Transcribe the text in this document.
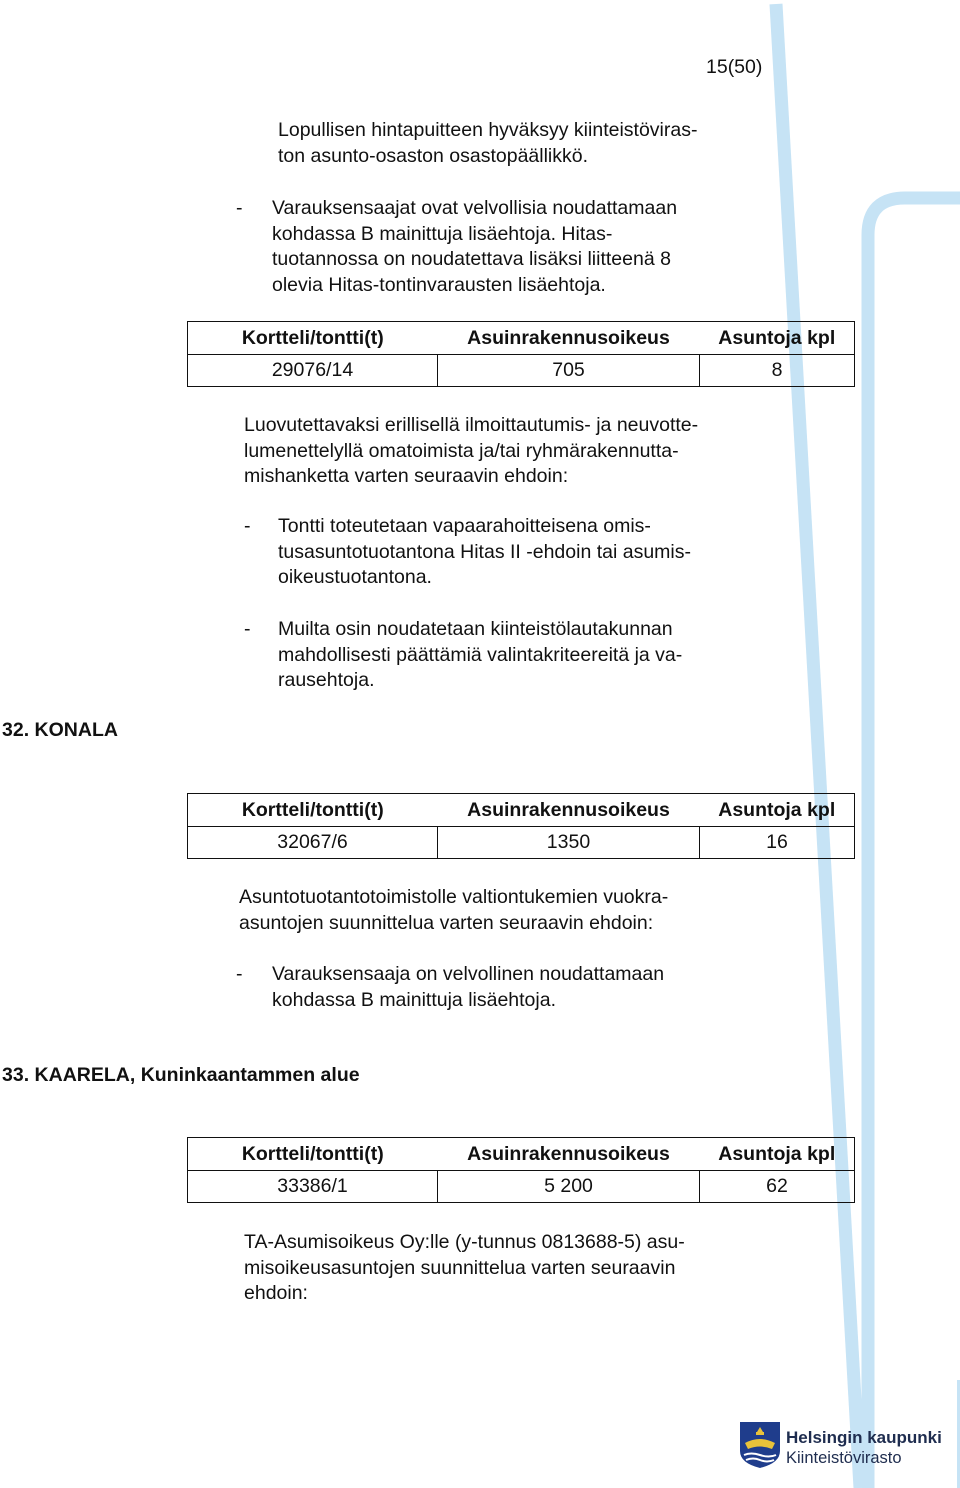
15(50)
Lopullisen hintapuitteen hyväksyy kiinteistöviras-
ton asunto-osaston osastopäällikkö.
- Varauksensaajat ovat velvollisia noudattamaan
kohdassa B mainittuja lisäehtoja. Hitas-
tuotannossa on noudatettava lisäksi liitteenä 8
olevia Hitas-tontinvarausten lisäehtoja.
Kortteli/tontti(t)	Asuinrakennusoikeus	Asuntoja kpl
29076/14	705	8
Luovutettavaksi erillisellä ilmoittautumis- ja neuvotte-
lumenettelyllä omatoimista ja/tai ryhmärakennutta-
mishanketta varten seuraavin ehdoin:
- Tontti toteutetaan vapaarahoitteisena omis-
tusasuntotuotantona Hitas II -ehdoin tai asumis-
oikeustuotantona.
- Muilta osin noudatetaan kiinteistölautakunnan
mahdollisesti päättämiä valintakriteereitä ja va-
rausehtoja.
32. KONALA
Kortteli/tontti(t)	Asuinrakennusoikeus	Asuntoja kpl
32067/6	1350	16
Asuntotuotantotoimistolle valtiontukemien vuokra-
asuntojen suunnittelua varten seuraavin ehdoin:
- Varauksensaaja on velvollinen noudattamaan
kohdassa B mainittuja lisäehtoja.
33. KAARELA, Kuninkaantammen alue
Kortteli/tontti(t)	Asuinrakennusoikeus	Asuntoja kpl
33386/1	5 200	62
TA-Asumisoikeus Oy:lle (y-tunnus 0813688-5) asu-
misoikeusasuntojen suunnittelua varten seuraavin
ehdoin:
Helsingin kaupunki
Kiinteistövirasto
